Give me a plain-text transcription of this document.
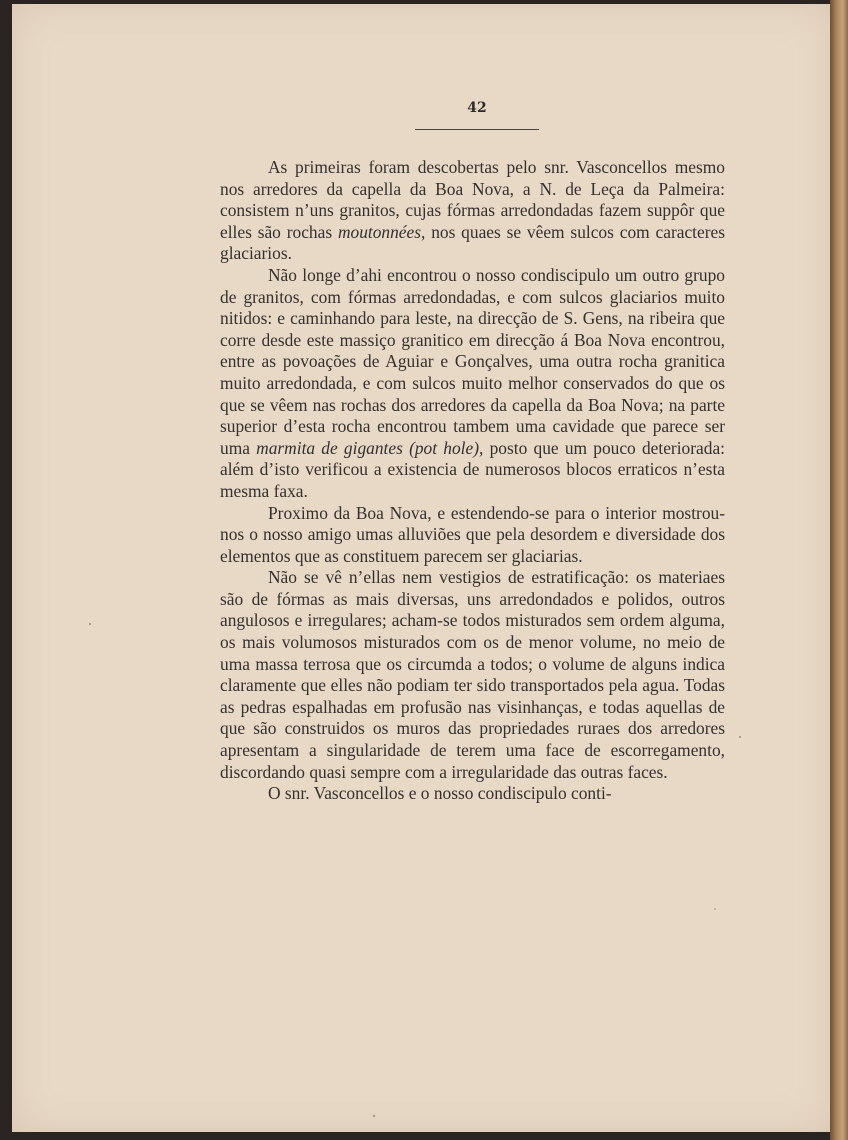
42

As primeiras foram descobertas pelo snr. Vasconcellos mesmo nos arredores da capella da Boa Nova, a N. de Leça da Palmeira: consistem n’uns granitos, cujas fórmas arredondadas fazem suppôr que elles são rochas moutonnées, nos quaes se vêem sulcos com caracteres glaciarios.

Não longe d’ahi encontrou o nosso condiscipulo um outro grupo de granitos, com fórmas arredondadas, e com sulcos glaciarios muito nitidos: e caminhando para leste, na direcção de S. Gens, na ribeira que corre desde este massiço granitico em direcção á Boa Nova encontrou, entre as povoações de Aguiar e Gonçalves, uma outra rocha granitica muito arredondada, e com sulcos muito melhor conservados do que os que se vêem nas rochas dos arredores da capella da Boa Nova; na parte superior d’esta rocha encontrou tambem uma cavidade que parece ser uma marmita de gigantes (pot hole), posto que um pouco deteriorada: além d’isto verificou a existencia de numerosos blocos erraticos n’esta mesma faxa.

Proximo da Boa Nova, e estendendo-se para o interior mostrou-nos o nosso amigo umas alluviões que pela desordem e diversidade dos elementos que as constituem parecem ser glaciarias.

Não se vê n’ellas nem vestigios de estratificação: os materiaes são de fórmas as mais diversas, uns arredondados e polidos, outros angulosos e irregulares; acham-se todos misturados sem ordem alguma, os mais volumosos misturados com os de menor volume, no meio de uma massa terrosa que os circumda a todos; o volume de alguns indica claramente que elles não podiam ter sido transportados pela agua. Todas as pedras espalhadas em profusão nas visinhanças, e todas aquellas de que são construidos os muros das propriedades ruraes dos arredores apresentam a singularidade de terem uma face de escorregamento, discordando quasi sempre com a irregularidade das outras faces.

O snr. Vasconcellos e o nosso condiscipulo conti-
